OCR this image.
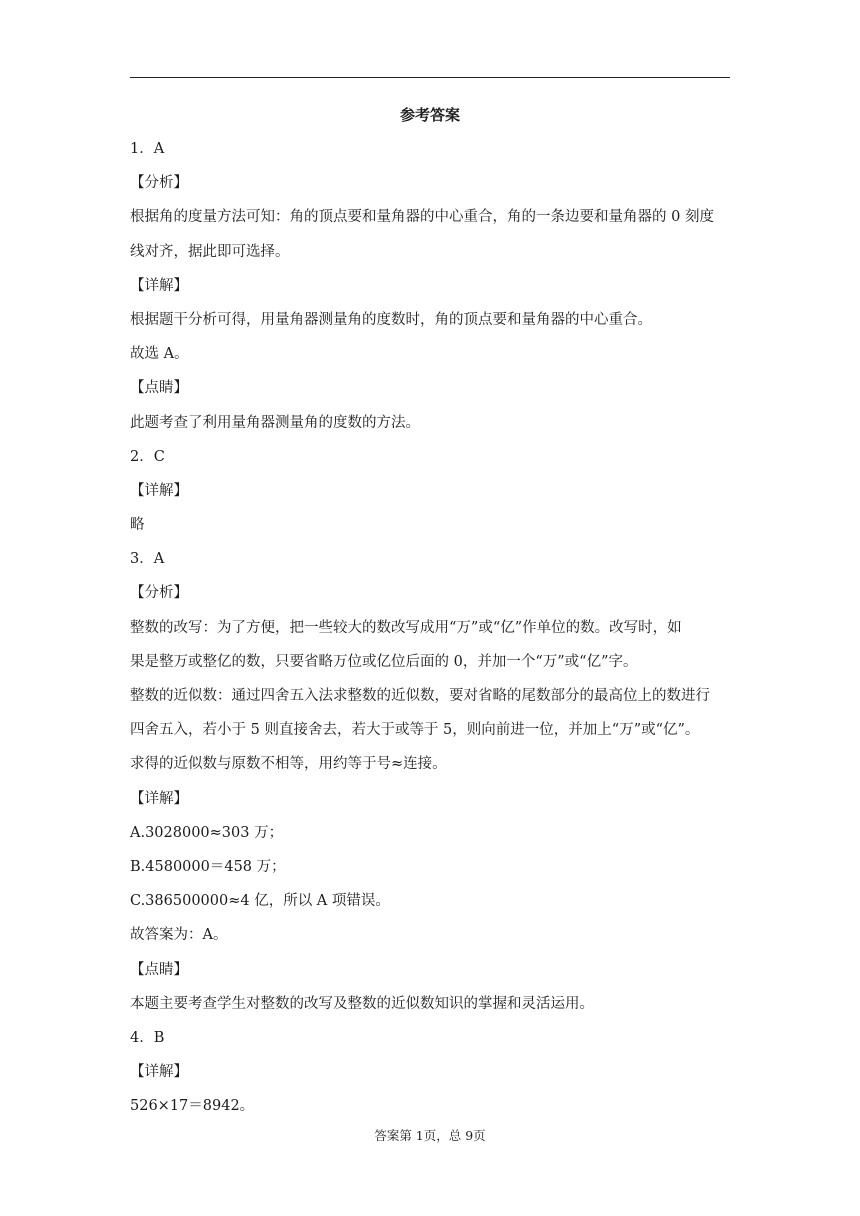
参考答案
1．A
【分析】
根据角的度量方法可知：角的顶点要和量角器的中心重合，角的一条边要和量角器的 0 刻度
线对齐，据此即可选择。
【详解】
根据题干分析可得，用量角器测量角的度数时，角的顶点要和量角器的中心重合。
故选 A。
【点睛】
此题考查了利用量角器测量角的度数的方法。
2．C
【详解】
略
3．A
【分析】
整数的改写：为了方便，把一些较大的数改写成用“万”或“亿”作单位的数。改写时，如
果是整万或整亿的数，只要省略万位或亿位后面的 0，并加一个“万”或“亿”字。
整数的近似数：通过四舍五入法求整数的近似数，要对省略的尾数部分的最高位上的数进行
四舍五入，若小于 5 则直接舍去，若大于或等于 5，则向前进一位，并加上“万”或“亿”。
求得的近似数与原数不相等，用约等于号≈连接。
【详解】
A.3028000≈303 万；
B.4580000＝458 万；
C.386500000≈4 亿，所以 A 项错误。
故答案为：A。
【点睛】
本题主要考查学生对整数的改写及整数的近似数知识的掌握和灵活运用。
4．B
【详解】
526×17＝8942。
答案第 1页，总 9页
